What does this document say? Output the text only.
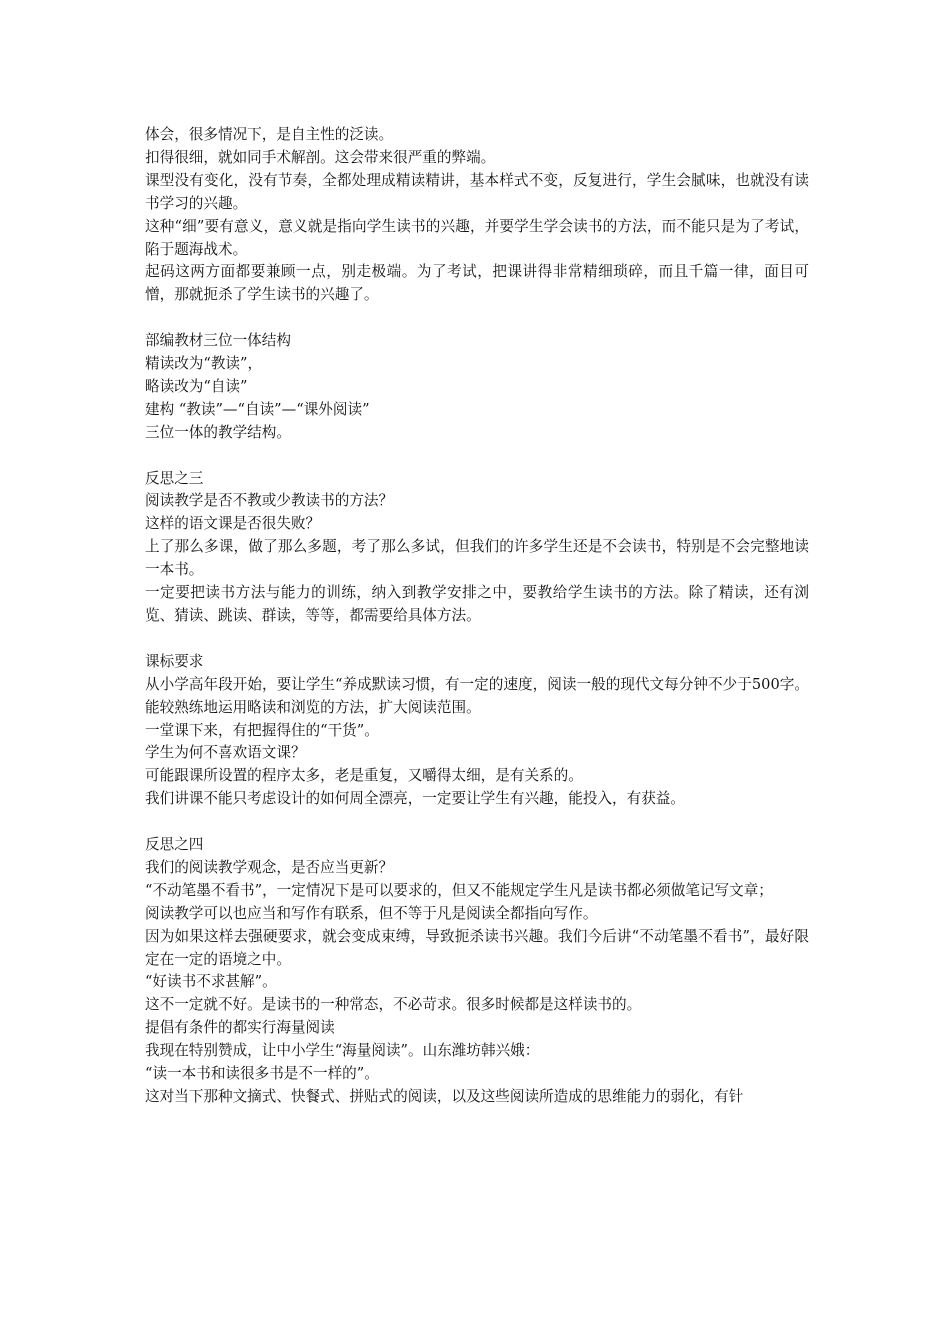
体会，很多情况下，是自主性的泛读。

扣得很细，就如同手术解剖。这会带来很严重的弊端。

课型没有变化，没有节奏，全都处理成精读精讲，基本样式不变，反复进行，学生会腻味，也就没有读书学习的兴趣。

这种“细”要有意义，意义就是指向学生读书的兴趣，并要学生学会读书的方法，而不能只是为了考试，陷于题海战术。

起码这两方面都要兼顾一点，别走极端。为了考试，把课讲得非常精细琐碎，而且千篇一律，面目可憎，那就扼杀了学生读书的兴趣了。

部编教材三位一体结构

精读改为“教读”，

略读改为“自读”

建构 “教读”—“自读”—“课外阅读”

三位一体的教学结构。

反思之三

阅读教学是否不教或少教读书的方法？

这样的语文课是否很失败？

上了那么多课，做了那么多题，考了那么多试，但我们的许多学生还是不会读书，特别是不会完整地读一本书。

一定要把读书方法与能力的训练，纳入到教学安排之中，要教给学生读书的方法。除了精读，还有浏览、猜读、跳读、群读，等等，都需要给具体方法。

课标要求

从小学高年段开始，要让学生“养成默读习惯，有一定的速度，阅读一般的现代文每分钟不少于500字。能较熟练地运用略读和浏览的方法，扩大阅读范围。

一堂课下来，有把握得住的“干货”。

学生为何不喜欢语文课？

可能跟课所设置的程序太多，老是重复，又嚼得太细，是有关系的。

我们讲课不能只考虑设计的如何周全漂亮，一定要让学生有兴趣，能投入，有获益。

反思之四

我们的阅读教学观念，是否应当更新？

“不动笔墨不看书”，一定情况下是可以要求的，但又不能规定学生凡是读书都必须做笔记写文章；

阅读教学可以也应当和写作有联系，但不等于凡是阅读全都指向写作。

因为如果这样去强硬要求，就会变成束缚，导致扼杀读书兴趣。我们今后讲“不动笔墨不看书”，最好限定在一定的语境之中。

“好读书不求甚解”。

这不一定就不好。是读书的一种常态，不必苛求。很多时候都是这样读书的。

提倡有条件的都实行海量阅读

我现在特别赞成，让中小学生“海量阅读”。山东潍坊韩兴娥：

“读一本书和读很多书是不一样的”。

这对当下那种文摘式、快餐式、拼贴式的阅读，以及这些阅读所造成的思维能力的弱化，有针
